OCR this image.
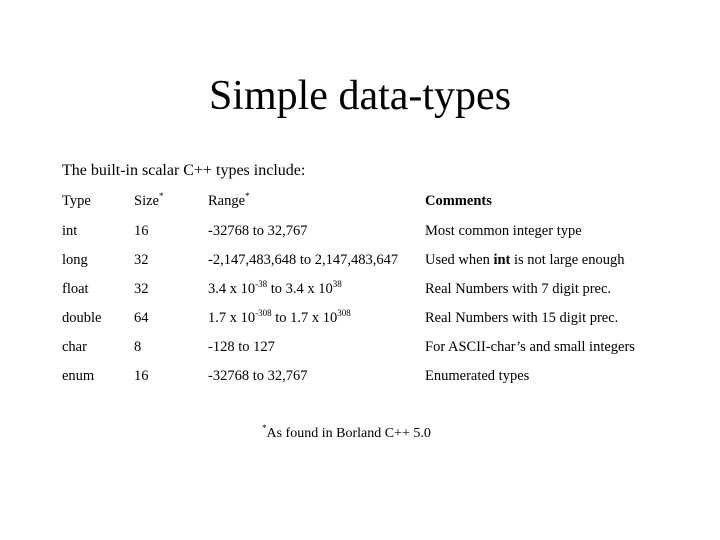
Simple data-types
The built-in scalar C++ types include:
Type	Size*	Range*	Comments
int	16	-32768 to 32,767	Most common integer type
long	32	-2,147,483,648 to 2,147,483,647	Used when int is not large enough
float	32	3.4 x $10^{-38}$ to 3.4 x $10^{38}$	Real Numbers with 7 digit prec.
double	64	1.7 x $10^{-308}$ to 1.7 x $10^{308}$	Real Numbers with 15 digit prec.
char	8	-128 to 127	For ASCII-char’s and small integers
enum	16	-32768 to 32,767	Enumerated types
*As found in Borland C++ 5.0
